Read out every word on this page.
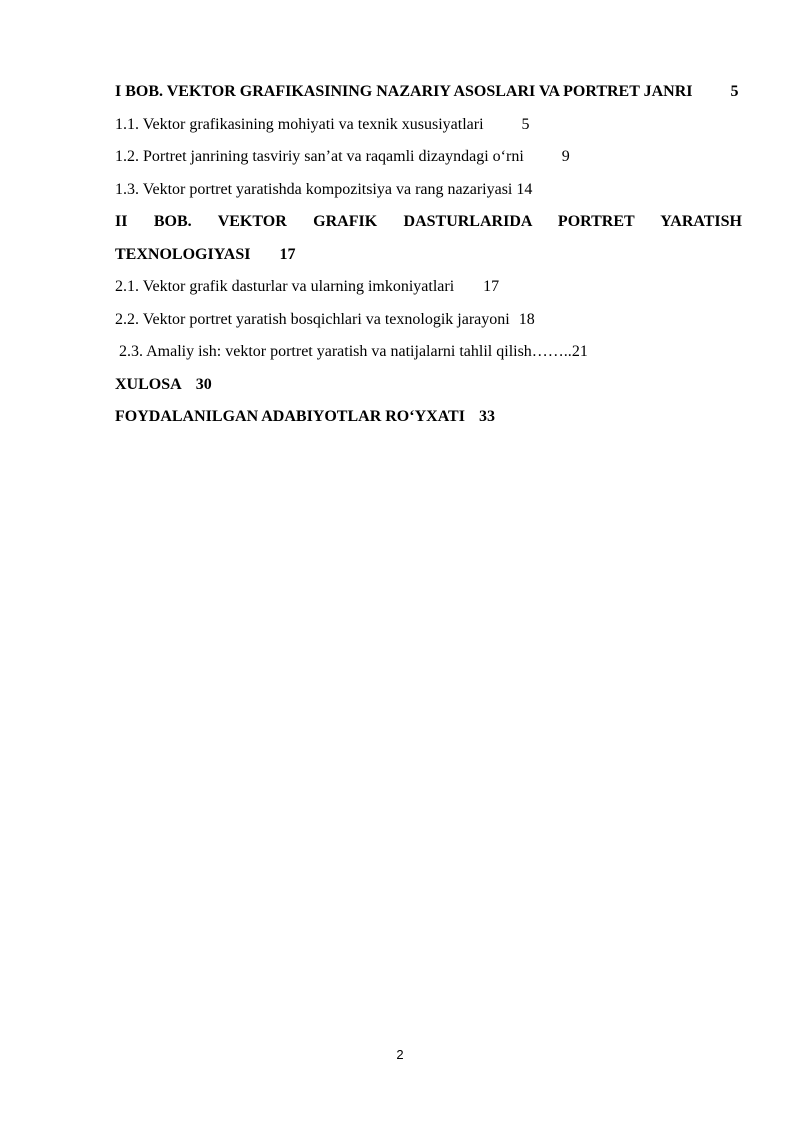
I BOB. VEKTOR GRAFIKASINING NAZARIY ASOSLARI VA PORTRET JANRI 5
1.1. Vektor grafikasining mohiyati va texnik xususiyatlari 5
1.2. Portret janrining tasviriy san’at va raqamli dizayndagi o‘rni 9
1.3. Vektor portret yaratishda kompozitsiya va rang nazariyasi 14
II BOB. VEKTOR GRAFIK DASTURLARIDA PORTRET YARATISH TEXNOLOGIYASI 17
2.1. Vektor grafik dasturlar va ularning imkoniyatlari 17
2.2. Vektor portret yaratish bosqichlari va texnologik jarayoni 18
2.3. Amaliy ish: vektor portret yaratish va natijalarni tahlil qilish……..21
XULOSA 30
FOYDALANILGAN ADABIYOTLAR RO‘YXATI 33
2
